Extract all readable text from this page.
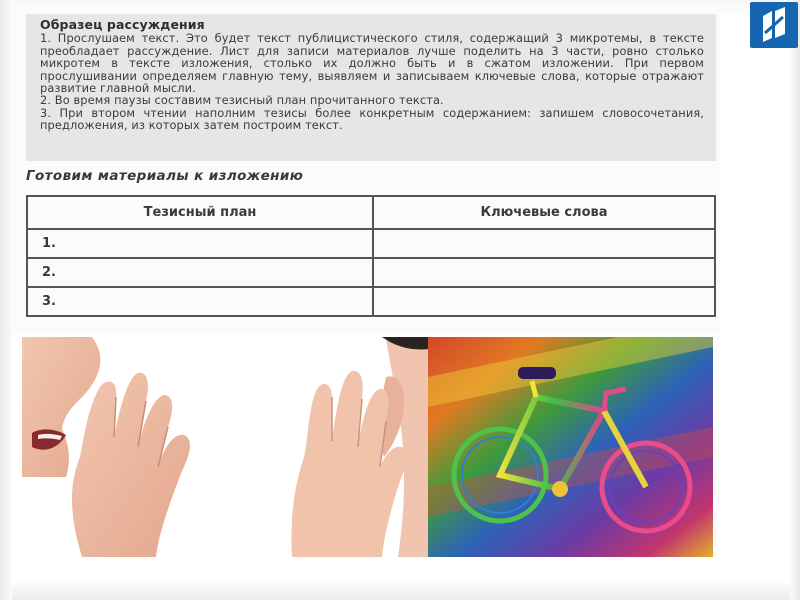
Образец рассуждения
1. Прослушаем текст. Это будет текст публицистического стиля, содержащий 3 микротемы, в тексте преобладает рассуждение. Лист для записи материалов лучше поделить на 3 части, ровно столько микротем в тексте изложения, столько их должно быть и в сжатом изложении. При первом прослушивании определяем главную тему, выявляем и записываем ключевые слова, которые отражают развитие главной мысли.
2. Во время паузы составим тезисный план прочитанного текста.
3. При втором чтении наполним тезисы более конкретным содержанием: запишем словосочетания, предложения, из которых затем построим текст.
Готовим материалы к изложению
Тезисный план	Ключевые слова
1.	
2.	
3.	
